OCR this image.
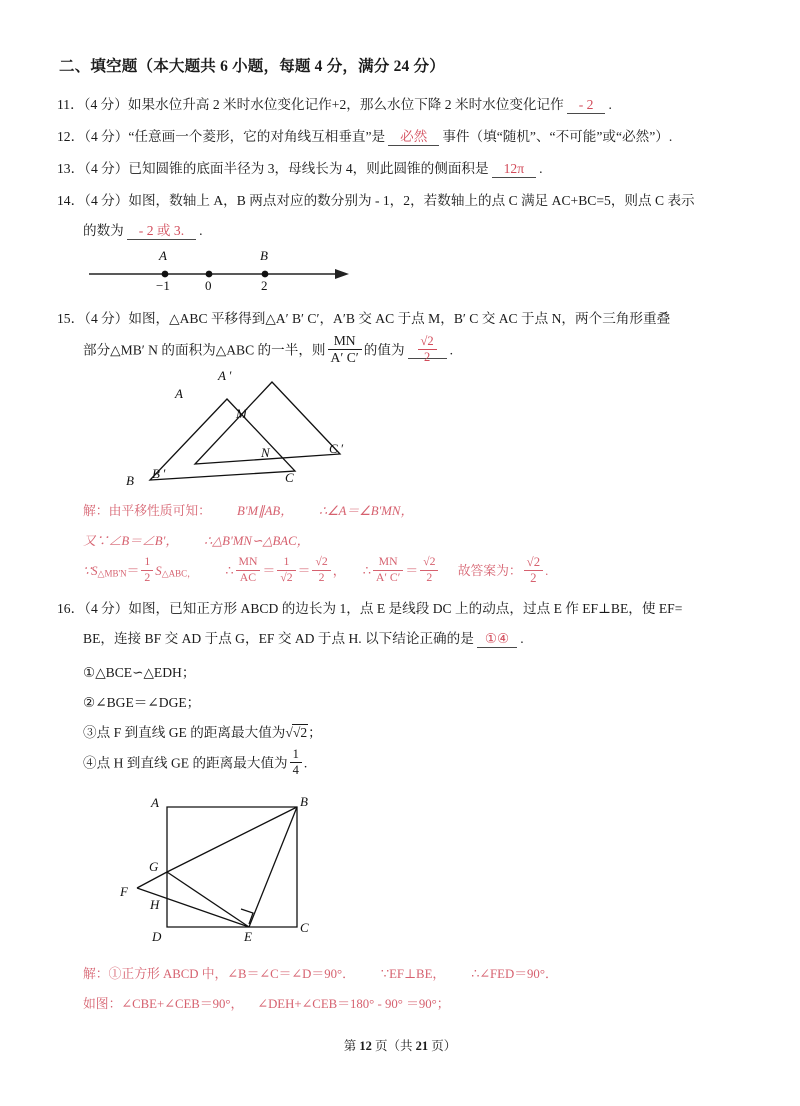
二、填空题（本大题共 6 小题，每题 4 分，满分 24 分）
11．（4 分）如果水位升高 2 米时水位变化记作+2，那么水位下降 2 米时水位变化记作 - 2 .
12．（4 分）“任意画一个菱形，它的对角线互相垂直”是 必然 事件（填“随机”、“不可能”或“必然”）.
13．（4 分）已知圆锥的底面半径为 3，母线长为 4，则此圆锥的侧面积是 12π .
14．（4 分）如图，数轴上 A，B 两点对应的数分别为 - 1，2，若数轴上的点 C 满足 AC+BC=5，则点 C 表示
的数为 - 2 或 3. .
A
−1	0
B
2
15．（4 分）如图，△ABC 平移得到△A′ B′ C′，A′B 交 AC 于点 M，B′ C 交 AC 于点 N，两个三角形重叠
部分△MB′ N 的面积为△ABC 的一半，则 $\frac{MN}{A' C'}$ 的值为 $\frac{√2}{2}$ .
A
A ′
B B ′	C
C ′
M
N
解：由平移性质可知： B'M∥AB， ∴∠A＝∠B'MN，
又∵∠B＝∠B'， ∴△B'MN∽△BAC，
∵S△MB'N＝ $\frac{1}{2}$ S△ABC， ∴ $\frac{MN}{AC} = \frac{1}{√2} = \frac{√2}{2}$ ， ∴ $\frac{MN}{A' C'} = \frac{√2}{2}$ 故答案为： $\frac{√2}{2}$ .
16．（4 分）如图，已知正方形 ABCD 的边长为 1，点 E 是线段 DC 上的动点，过点 E 作 EF⊥BE，使 EF=
BE，连接 BF 交 AD 于点 G，EF 交 AD 于点 H. 以下结论正确的是 ①④ .
①△BCE∽△EDH；
②∠BGE＝∠DGE；
③点 F 到直线 GE 的距离最大值为√√2；
④点 H 到直线 GE 的距离最大值为 $\frac{1}{4}$ .
A	B
C
D	E
F
G
H
解：①正方形 ABCD 中，∠B＝∠C＝∠D＝90°． ∵EF⊥BE， ∴∠FED＝90°．
如图：∠CBE+∠CEB＝90°， ∠DEH+∠CEB＝180° - 90° ＝90°；
第 12 页（共 21 页）
